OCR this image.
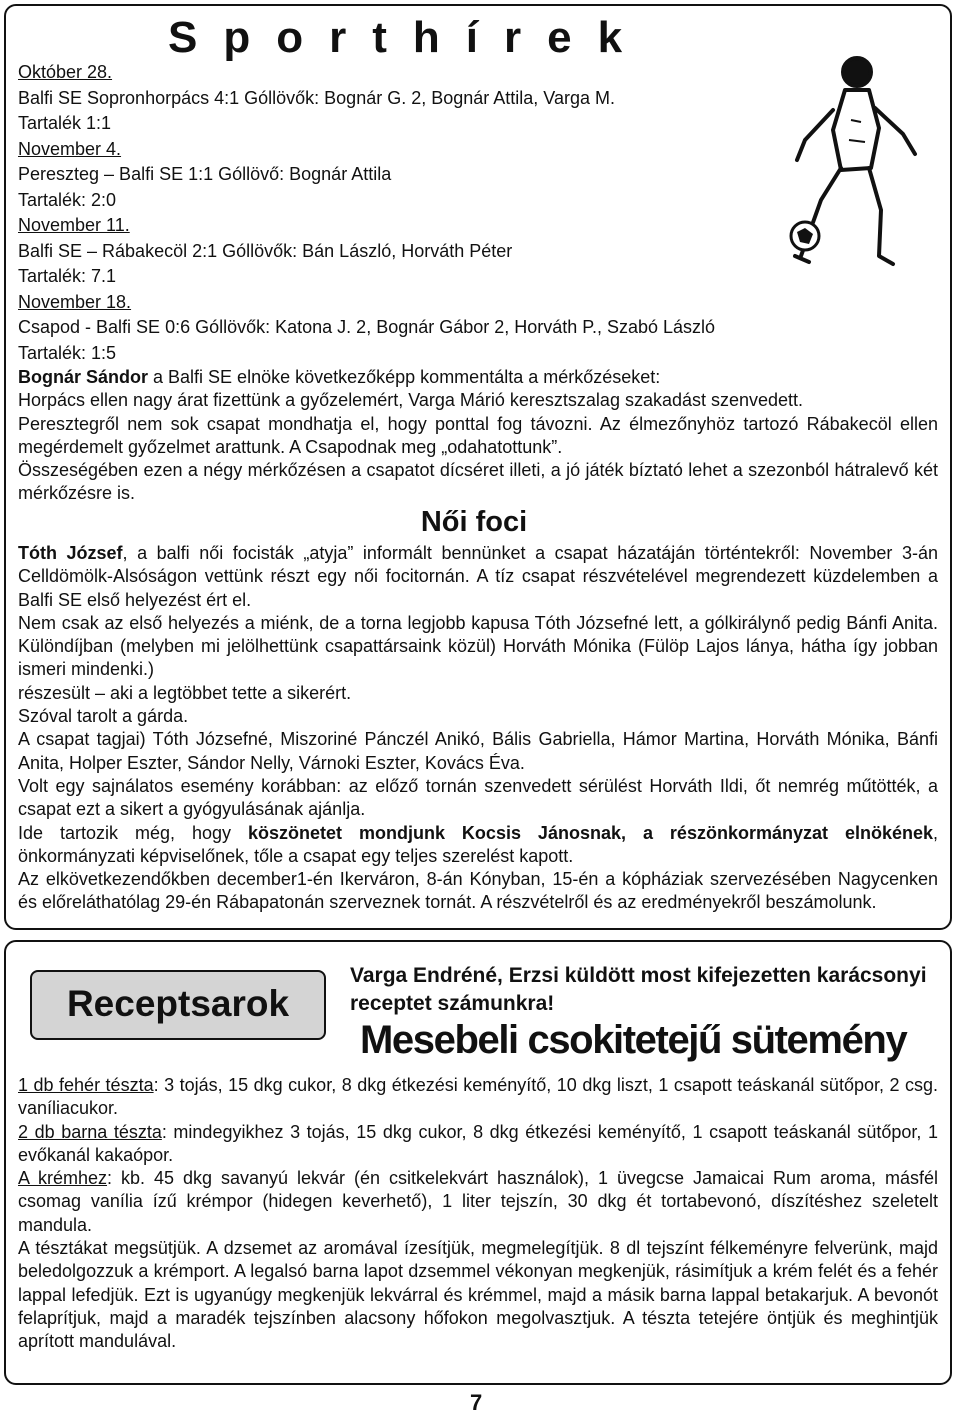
Sporthírek
Október 28.
Balfi SE Sopronhorpács 4:1 Góllövők: Bognár G. 2, Bognár Attila, Varga M.
Tartalék 1:1
November 4.
Pereszteg – Balfi SE 1:1 Góllövő: Bognár Attila
Tartalék: 2:0
November 11.
Balfi SE – Rábakecöl 2:1 Góllövők: Bán László, Horváth Péter
Tartalék: 7.1
November 18.
Csapod - Balfi SE 0:6 Góllövők: Katona J. 2, Bognár Gábor 2, Horváth P., Szabó László
Tartalék: 1:5

Bognár Sándor a Balfi SE elnöke következőképp kommentálta a mérkőzéseket:

Horpács ellen nagy árat fizettünk a győzelemért, Varga Márió keresztszalag szakadást szenvedett.

Peresztegről nem sok csapat mondhatja el, hogy ponttal fog távozni. Az élmezőnyhöz tartozó Rábakecöl ellen megérdemelt győzelmet arattunk. A Csapodnak meg „odahatottunk”.

Összeségében ezen a négy mérkőzésen a csapatot dícséret illeti, a jó játék bíztató lehet a szezonból hátralevő két mérkőzésre is.

Női foci

Tóth József, a balfi női focisták „atyja” informált bennünket a csapat házatáján történtekről: November 3-án Celldömölk-Alsóságon vettünk részt egy női focitornán. A tíz csapat részvételével megrendezett küzdelemben a Balfi SE első helyezést ért el.

Nem csak az első helyezés a miénk, de a torna legjobb kapusa Tóth Józsefné lett, a gólkirálynő pedig Bánfi Anita. Különdíjban (melyben mi jelölhettünk csapattársaink közül) Horváth Mónika (Fülöp Lajos lánya, hátha így jobban ismeri mindenki.)

részesült – aki a legtöbbet tette a sikerért.

Szóval tarolt a gárda.

A csapat tagjai) Tóth Józsefné, Miszoriné Pánczél Anikó, Bális Gabriella, Hámor Martina, Horváth Mónika, Bánfi Anita, Holper Eszter, Sándor Nelly, Várnoki Eszter, Kovács Éva.

Volt egy sajnálatos esemény korábban: az előző tornán szenvedett sérülést Horváth Ildi, őt nemrég műtötték, a csapat ezt a sikert a gyógyulásának ajánlja.

Ide tartozik még, hogy köszönetet mondjunk Kocsis Jánosnak, a részönkormányzat elnökének, önkormányzati képviselőnek, tőle a csapat egy teljes szerelést kapott.

Az elkövetkezendőkben december1-én Ikerváron, 8-án Kónyban, 15-én a kópháziak szervezésében Nagycenken és előreláthatólag 29-én Rábapatonán szerveznek tornát. A részvételről és az eredményekről beszámolunk.

Receptsarok
Varga Endréné, Erzsi küldött most kifejezetten karácsonyi receptet számunkra!
Mesebeli csokitetejű sütemény

1 db fehér tészta: 3 tojás, 15 dkg cukor, 8 dkg étkezési keményítő, 10 dkg liszt, 1 csapott teáskanál sütőpor, 2 csg. vaníliacukor.

2 db barna tészta: mindegyikhez 3 tojás, 15 dkg cukor, 8 dkg étkezési keményítő, 1 csapott teáskanál sütőpor, 1 evőkanál kakaópor.

A krémhez: kb. 45 dkg savanyú lekvár (én csitkelekvárt használok), 1 üvegcse Jamaicai Rum aroma, másfél csomag vanília ízű krémpor (hidegen keverhető), 1 liter tejszín, 30 dkg ét tortabevonó, díszítéshez szeletelt mandula.

A tésztákat megsütjük. A dzsemet az aromával ízesítjük, megmelegítjük. 8 dl tejszínt félkeményre felverünk, majd beledolgozzuk a krémport. A legalsó barna lapot dzsemmel vékonyan megkenjük, rásimítjuk a krém felét és a fehér lappal lefedjük. Ezt is ugyanúgy megkenjük lekvárral és krémmel, majd a másik barna lappal betakarjuk. A bevonót felaprítjuk, majd a maradék tejszínben alacsony hőfokon megolvasztjuk. A tészta tetejére öntjük és meghintjük aprított mandulával.

7
